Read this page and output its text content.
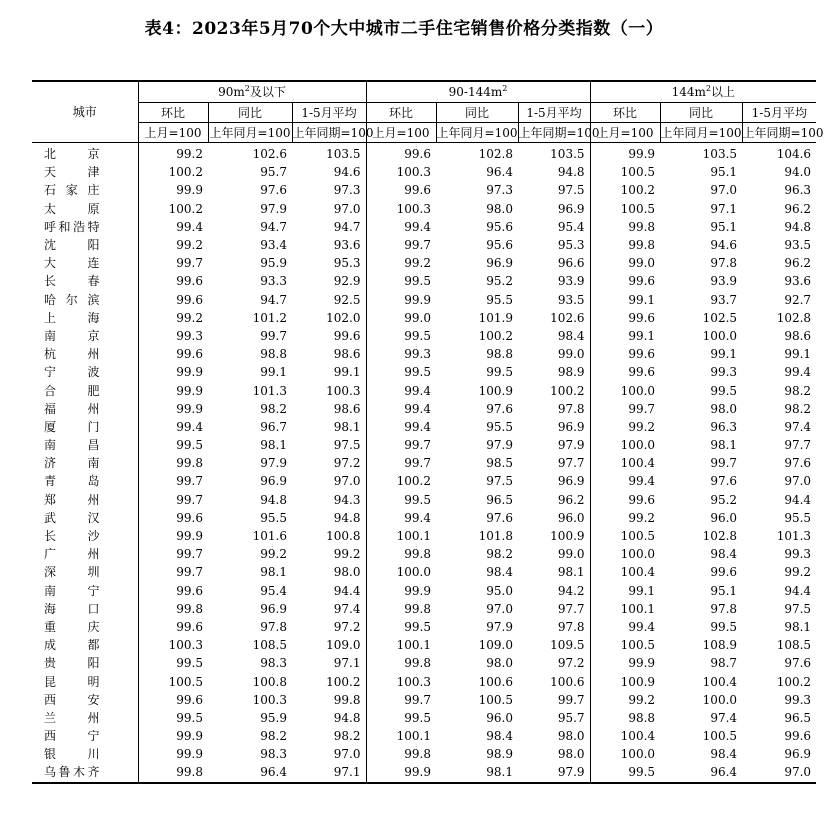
表4：2023年5月70个大中城市二手住宅销售价格分类指数（一）
城市	$90m^2$及以下			$90-144m^2$			$144m^2$以上		
	环比	同比	1-5月平均	环比	同比	1-5月平均	环比	同比	1-5月平均
	上月=100	上年同月=100	上年同期=100	上月=100	上年同月=100	上年同期=100	上月=100	上年同月=100	上年同期=100
北京	99.2	102.6	103.5	99.6	102.8	103.5	99.9	103.5	104.6
天津	100.2	95.7	94.6	100.3	96.4	94.8	100.5	95.1	94.0
石家庄	99.9	97.6	97.3	99.6	97.3	97.5	100.2	97.0	96.3
太原	100.2	97.9	97.0	100.3	98.0	96.9	100.5	97.1	96.2
呼和浩特	99.4	94.7	94.7	99.4	95.6	95.4	99.8	95.1	94.8
沈阳	99.2	93.4	93.6	99.7	95.6	95.3	99.8	94.6	93.5
大连	99.7	95.9	95.3	99.2	96.9	96.6	99.0	97.8	96.2
长春	99.6	93.3	92.9	99.5	95.2	93.9	99.6	93.9	93.6
哈尔滨	99.6	94.7	92.5	99.9	95.5	93.5	99.1	93.7	92.7
上海	99.2	101.2	102.0	99.0	101.9	102.6	99.6	102.5	102.8
南京	99.3	99.7	99.6	99.5	100.2	98.4	99.1	100.0	98.6
杭州	99.6	98.8	98.6	99.3	98.8	99.0	99.6	99.1	99.1
宁波	99.9	99.1	99.1	99.5	99.5	98.9	99.6	99.3	99.4
合肥	99.9	101.3	100.3	99.4	100.9	100.2	100.0	99.5	98.2
福州	99.9	98.2	98.6	99.4	97.6	97.8	99.7	98.0	98.2
厦门	99.4	96.7	98.1	99.4	95.5	96.9	99.2	96.3	97.4
南昌	99.5	98.1	97.5	99.7	97.9	97.9	100.0	98.1	97.7
济南	99.8	97.9	97.2	99.7	98.5	97.7	100.4	99.7	97.6
青岛	99.7	96.9	97.0	100.2	97.5	96.9	99.4	97.6	97.0
郑州	99.7	94.8	94.3	99.5	96.5	96.2	99.6	95.2	94.4
武汉	99.6	95.5	94.8	99.4	97.6	96.0	99.2	96.0	95.5
长沙	99.9	101.6	100.8	100.1	101.8	100.9	100.5	102.8	101.3
广州	99.7	99.2	99.2	99.8	98.2	99.0	100.0	98.4	99.3
深圳	99.7	98.1	98.0	100.0	98.4	98.1	100.4	99.6	99.2
南宁	99.6	95.4	94.4	99.9	95.0	94.2	99.1	95.1	94.4
海口	99.8	96.9	97.4	99.8	97.0	97.7	100.1	97.8	97.5
重庆	99.6	97.8	97.2	99.5	97.9	97.8	99.4	99.5	98.1
成都	100.3	108.5	109.0	100.1	109.0	109.5	100.5	108.9	108.5
贵阳	99.5	98.3	97.1	99.8	98.0	97.2	99.9	98.7	97.6
昆明	100.5	100.8	100.2	100.3	100.6	100.6	100.9	100.4	100.2
西安	99.6	100.3	99.8	99.7	100.5	99.7	99.2	100.0	99.3
兰州	99.5	95.9	94.8	99.5	96.0	95.7	98.8	97.4	96.5
西宁	99.9	98.2	98.2	100.1	98.4	98.0	100.4	100.5	99.6
银川	99.9	98.3	97.0	99.8	98.9	98.0	100.0	98.4	96.9
乌鲁木齐	99.8	96.4	97.1	99.9	98.1	97.9	99.5	96.4	97.0
